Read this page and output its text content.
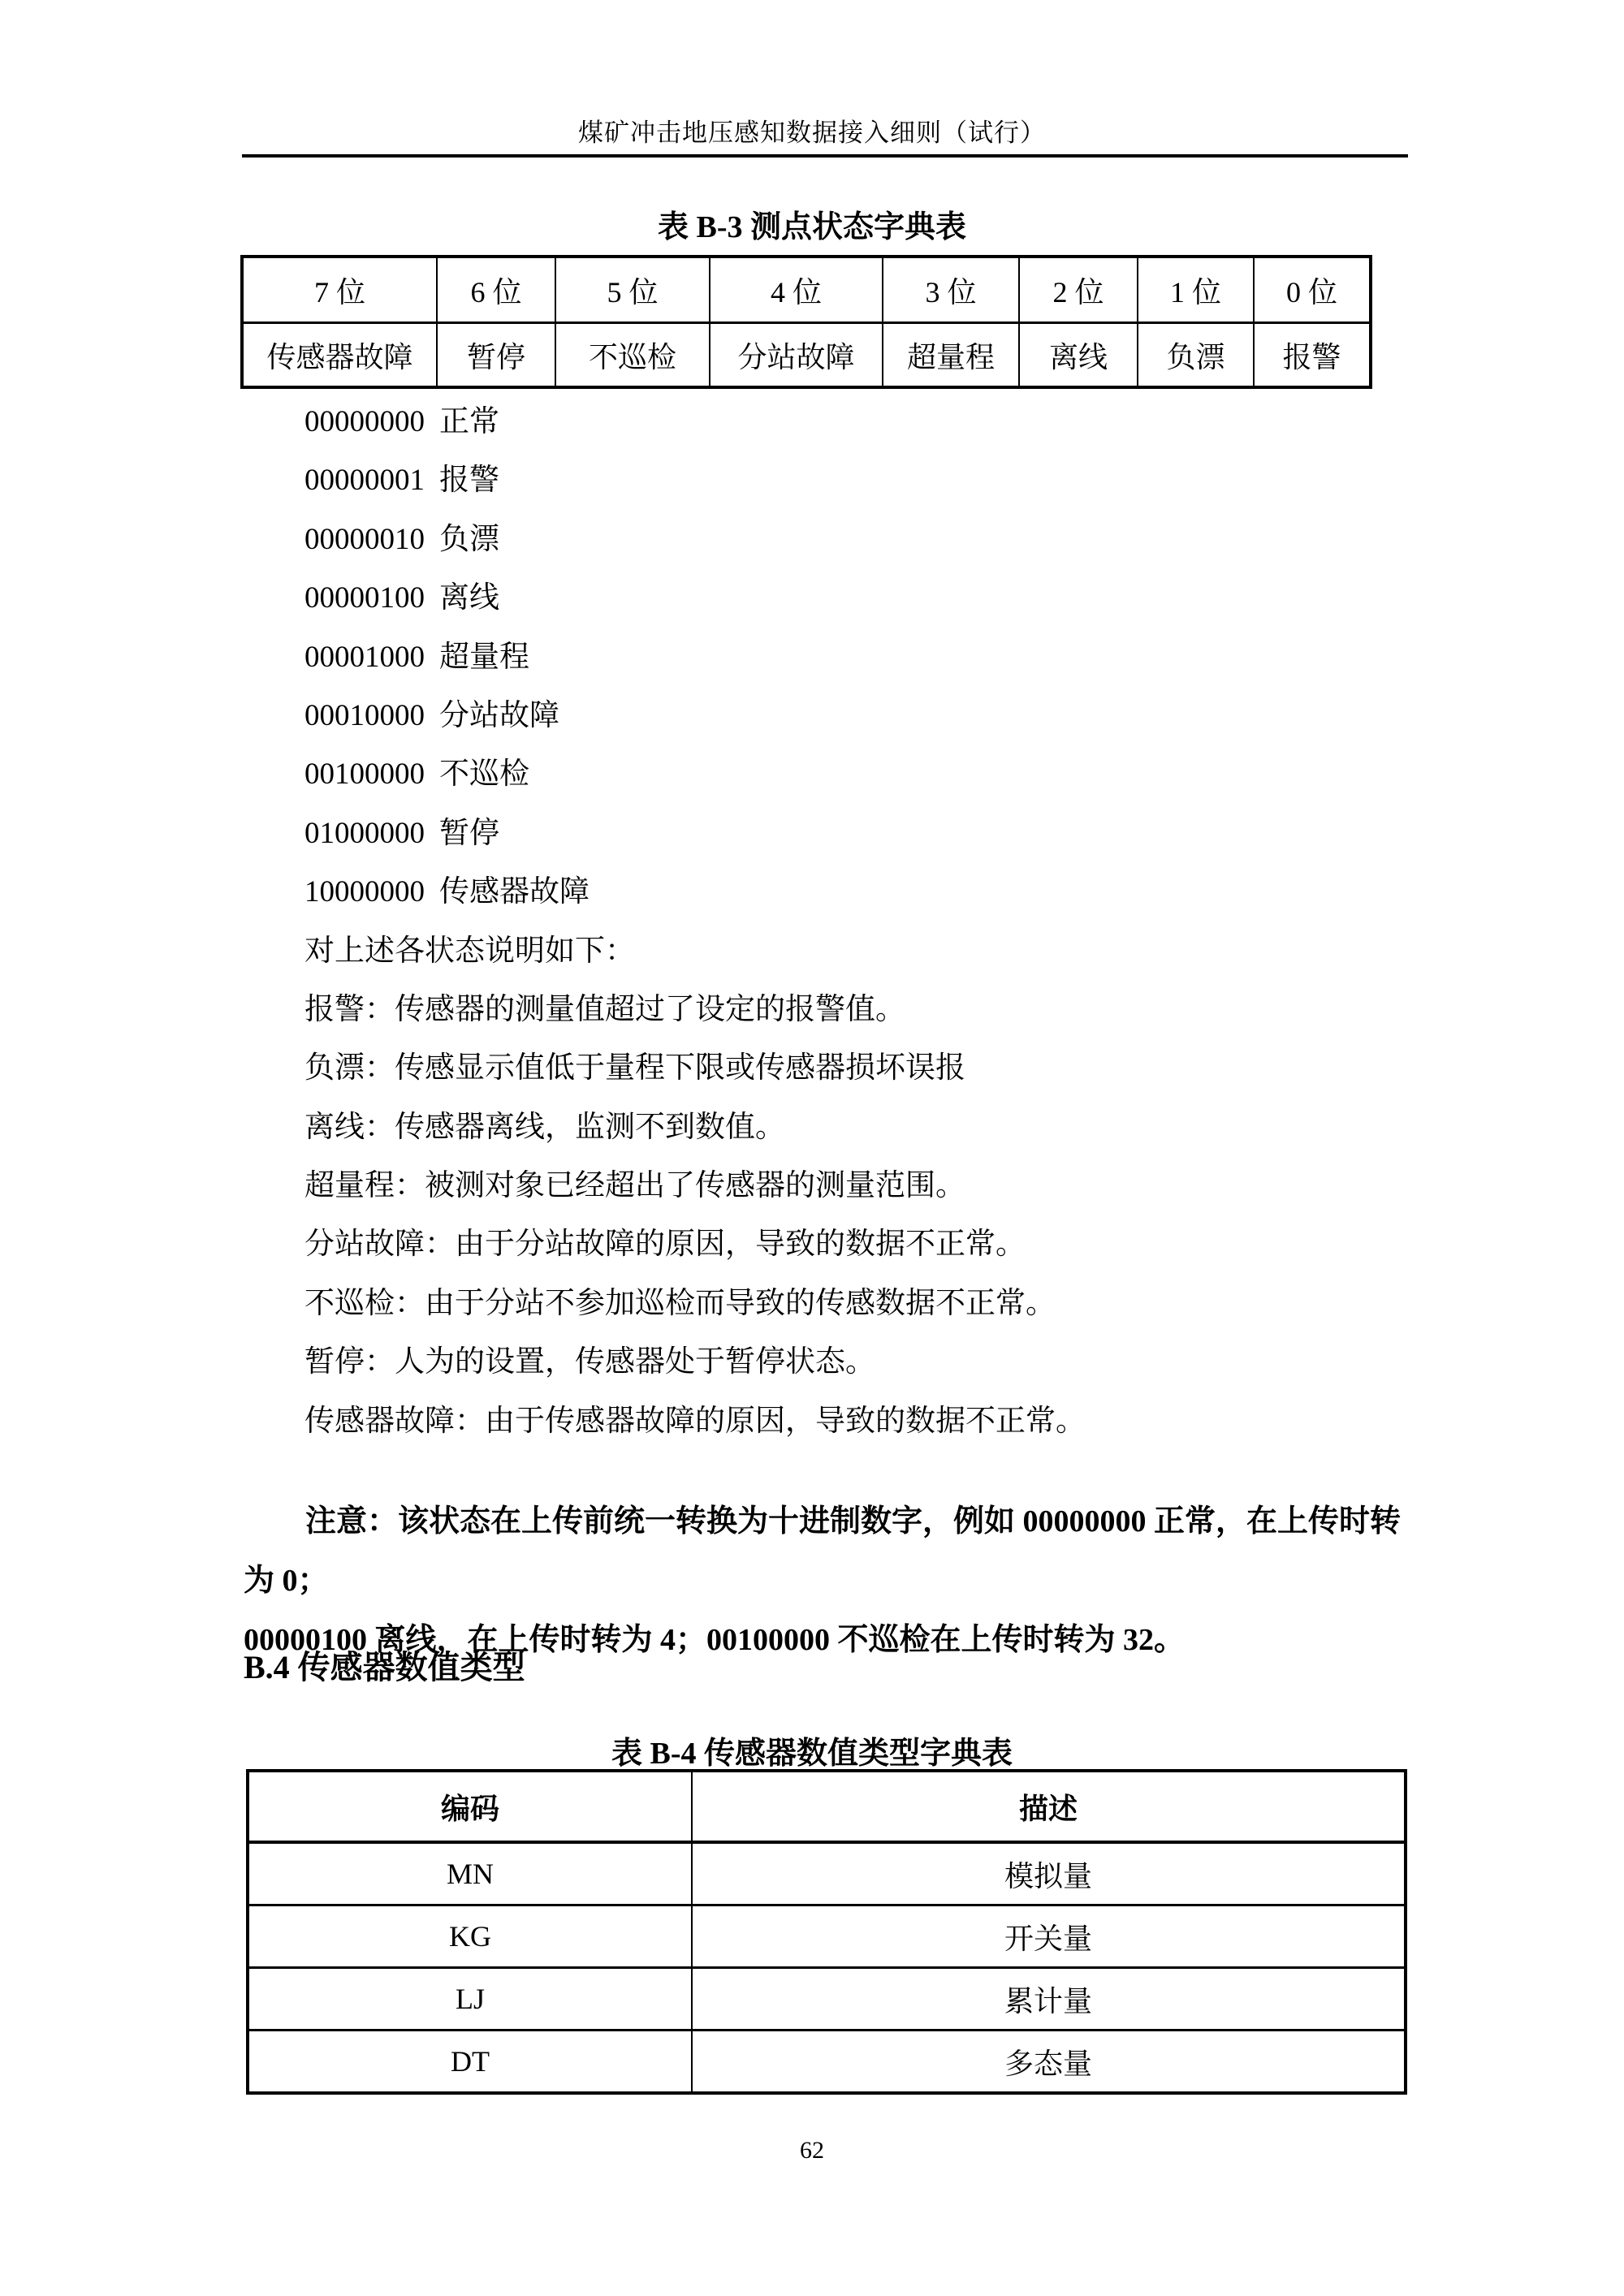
煤矿冲击地压感知数据接入细则（试行）
表 B-3 测点状态字典表
7 位	6 位	5 位	4 位	3 位	2 位	1 位	0 位
传感器故障	暂停	不巡检	分站故障	超量程	离线	负漂	报警
00000000 正常
00000001 报警
00000010 负漂
00000100 离线
00001000 超量程
00010000 分站故障
00100000 不巡检
01000000 暂停
10000000 传感器故障
对上述各状态说明如下：
报警：传感器的测量值超过了设定的报警值。
负漂：传感显示值低于量程下限或传感器损坏误报
离线：传感器离线，监测不到数值。
超量程：被测对象已经超出了传感器的测量范围。
分站故障：由于分站故障的原因，导致的数据不正常。
不巡检：由于分站不参加巡检而导致的传感数据不正常。
暂停：人为的设置，传感器处于暂停状态。
传感器故障：由于传感器故障的原因，导致的数据不正常。
注意：该状态在上传前统一转换为十进制数字，例如 00000000 正常，在上传时转为 0；
00000100 离线，在上传时转为 4；00100000 不巡检在上传时转为 32。
B.4 传感器数值类型
表 B-4 传感器数值类型字典表
编码	描述
MN	模拟量
KG	开关量
LJ	累计量
DT	多态量
62
